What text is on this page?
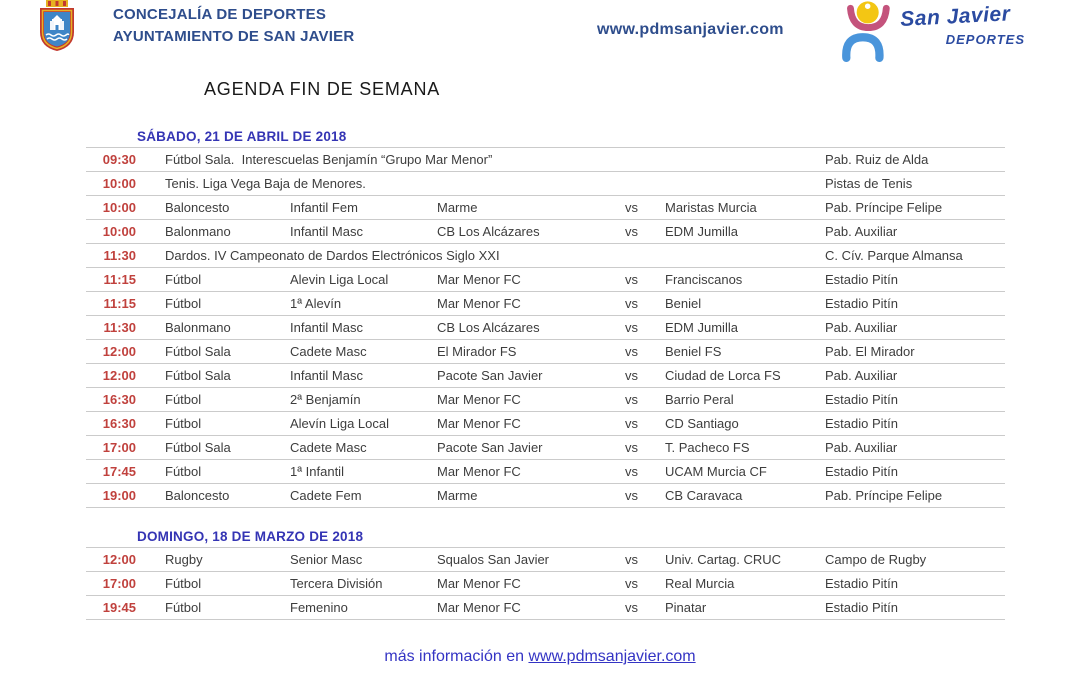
CONCEJALÍA DE DEPORTES
AYUNTAMIENTO DE SAN JAVIER	www.pdmsanjavier.com	San Javier
DEPORTES
AGENDA FIN DE SEMANA
SÁBADO, 21 DE ABRIL DE 2018
09:30 Fútbol Sala.  Interescuelas Benjamín “Grupo Mar Menor”	Pab. Ruiz de Alda
10:00 Tenis. Liga Vega Baja de Menores.	Pistas de Tenis
10:00 Baloncesto	Infantil Fem	Marme	vs	Maristas Murcia	Pab. Príncipe Felipe
10:00 Balonmano	Infantil Masc	CB Los Alcázares	vs	EDM Jumilla	Pab. Auxiliar
11:30 Dardos. IV Campeonato de Dardos Electrónicos Siglo XXI	C. Cív. Parque Almansa
11:15 Fútbol	Alevin Liga Local	Mar Menor FC	vs	Franciscanos	Estadio Pitín
11:15 Fútbol	1ª Alevín	Mar Menor FC	vs	Beniel	Estadio Pitín
11:30 Balonmano	Infantil Masc	CB Los Alcázares	vs	EDM Jumilla	Pab. Auxiliar
12:00 Fútbol Sala	Cadete Masc	El Mirador FS	vs	Beniel FS	Pab. El Mirador
12:00 Fútbol Sala	Infantil Masc	Pacote San Javier	vs	Ciudad de Lorca FS	Pab. Auxiliar
16:30 Fútbol	2ª Benjamín	Mar Menor FC	vs	Barrio Peral	Estadio Pitín
16:30 Fútbol	Alevín Liga Local	Mar Menor FC	vs	CD Santiago	Estadio Pitín
17:00 Fútbol Sala	Cadete Masc	Pacote San Javier	vs	T. Pacheco FS	Pab. Auxiliar
17:45 Fútbol	1ª Infantil	Mar Menor FC	vs	UCAM Murcia CF	Estadio Pitín
19:00 Baloncesto	Cadete Fem	Marme	vs	CB Caravaca	Pab. Príncipe Felipe
DOMINGO, 18 DE MARZO DE 2018
12:00 Rugby	Senior Masc	Squalos San Javier	vs	Univ. Cartag. CRUC	Campo de Rugby
17:00 Fútbol	Tercera División	Mar Menor FC	vs	Real Murcia	Estadio Pitín
19:45 Fútbol	Femenino	Mar Menor FC	vs	Pinatar	Estadio Pitín
más información en www.pdmsanjavier.com
